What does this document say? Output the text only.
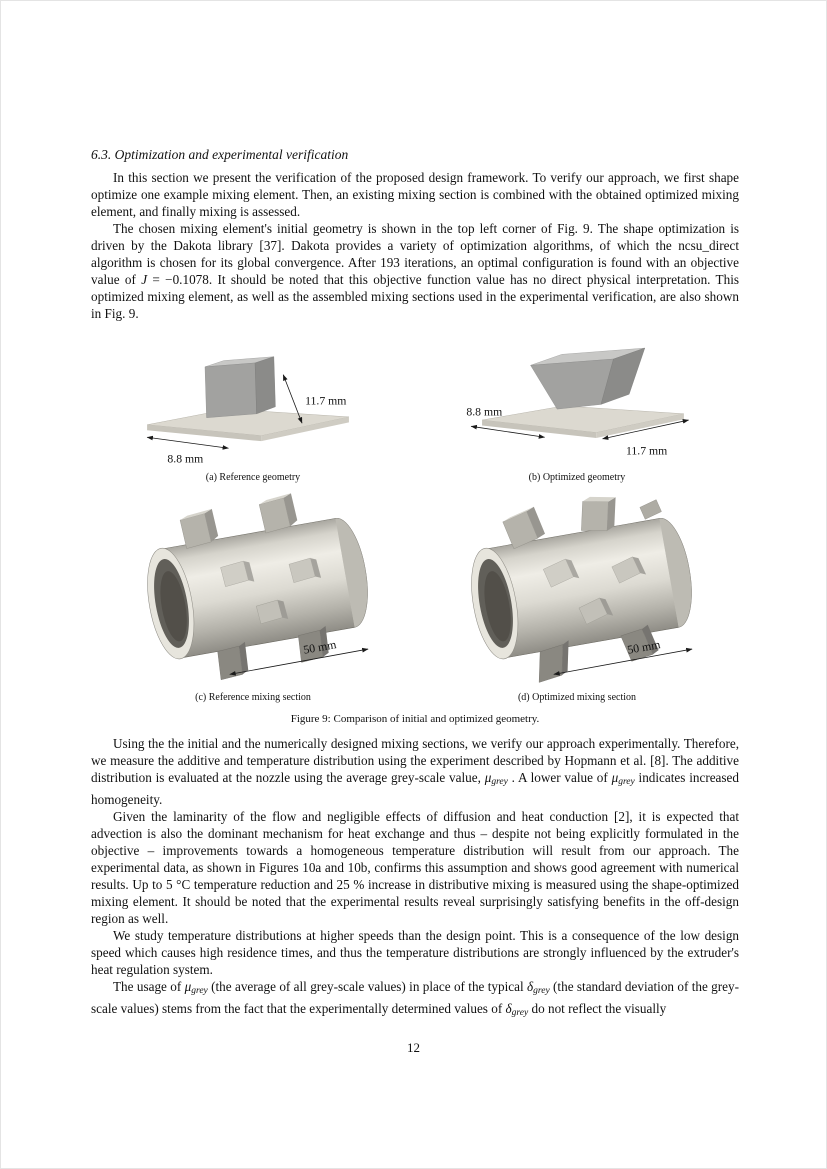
6.3. Optimization and experimental verification

In this section we present the verification of the proposed design framework. To verify our approach, we first shape optimize one example mixing element. Then, an existing mixing section is combined with the obtained optimized mixing element, and finally mixing is assessed.

The chosen mixing element's initial geometry is shown in the top left corner of Fig. 9. The shape optimization is driven by the Dakota library [37]. Dakota provides a variety of optimization algorithms, of which the ncsu_direct algorithm is chosen for its global convergence. After 193 iterations, an optimal configuration is found with an objective value of J = −0.1078. It should be noted that this objective function value has no direct physical interpretation. This optimized mixing element, as well as the assembled mixing sections used in the experimental verification, are also shown in Fig. 9.

11.7 mm
8.8 mm
(a) Reference geometry
8.8 mm
11.7 mm
(b) Optimized geometry
50 mm
(c) Reference mixing section
50 mm
(d) Optimized mixing section
Figure 9: Comparison of initial and optimized geometry.

Using the the initial and the numerically designed mixing sections, we verify our approach experimentally. Therefore, we measure the additive and temperature distribution using the experiment described by Hopmann et al. [8]. The additive distribution is evaluated at the nozzle using the average grey-scale value, μgrey . A lower value of μgrey indicates increased homogeneity.

Given the laminarity of the flow and negligible effects of diffusion and heat conduction [2], it is expected that advection is also the dominant mechanism for heat exchange and thus – despite not being explicitly formulated in the objective – improvements towards a homogeneous temperature distribution will result from our approach. The experimental data, as shown in Figures 10a and 10b, confirms this assumption and shows good agreement with numerical results. Up to 5 °C temperature reduction and 25 % increase in distributive mixing is measured using the shape-optimized mixing element. It should be noted that the experimental results reveal surprisingly satisfying benefits in the off-design region as well.

We study temperature distributions at higher speeds than the design point. This is a consequence of the low design speed which causes high residence times, and thus the temperature distributions are strongly influenced by the extruder's heat regulation system.

The usage of μgrey (the average of all grey-scale values) in place of the typical δgrey (the standard deviation of the grey-scale values) stems from the fact that the experimentally determined values of δgrey do not reflect the visually

12
